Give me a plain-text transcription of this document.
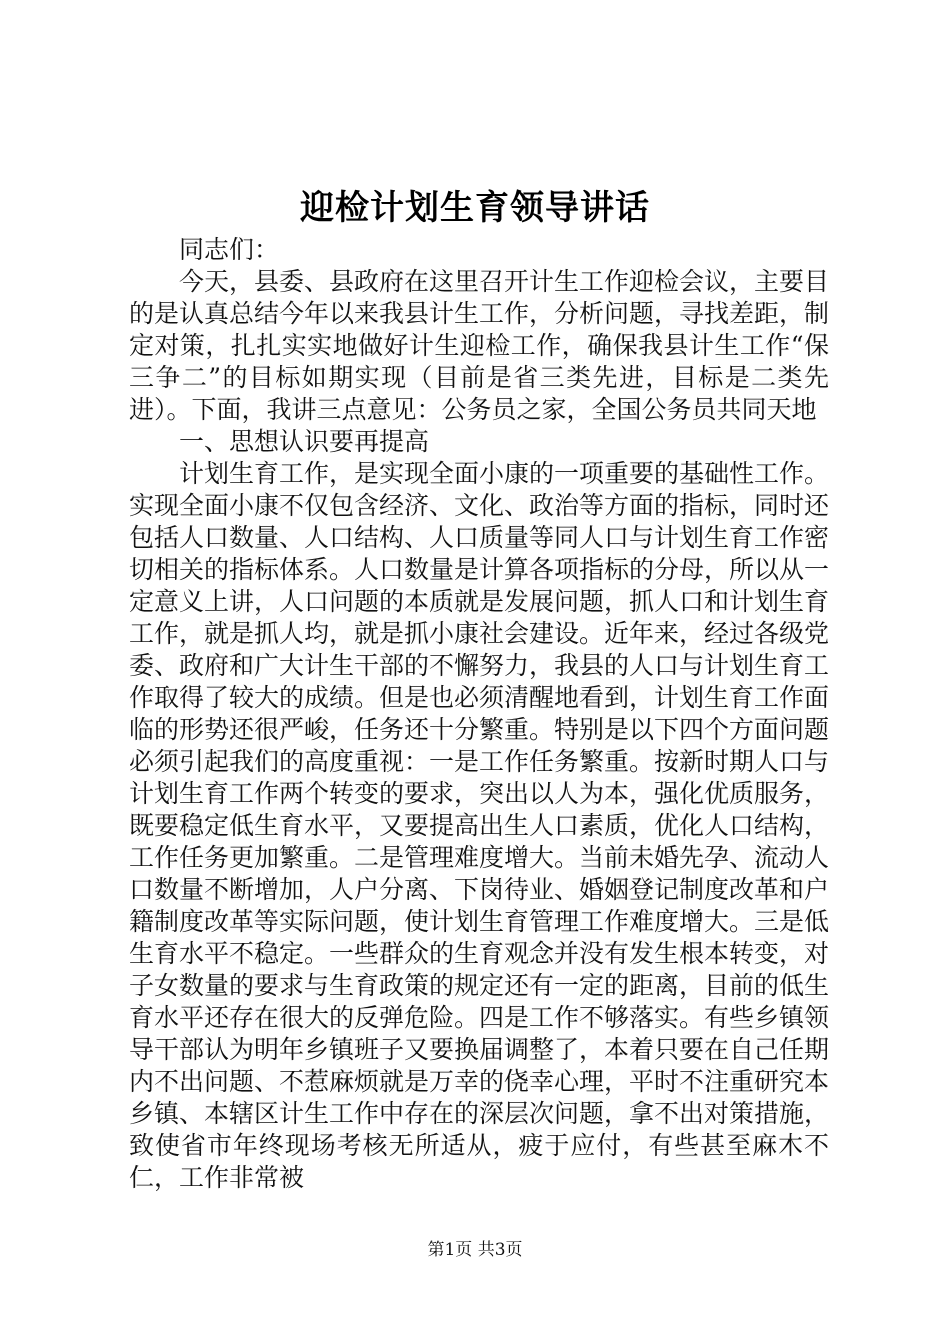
迎检计划生育领导讲话

同志们：

今天，县委、县政府在这里召开计生工作迎检会议，主要目的是认真总结今年以来我县计生工作，分析问题，寻找差距，制定对策，扎扎实实地做好计生迎检工作，确保我县计生工作“保三争二”的目标如期实现（目前是省三类先进，目标是二类先进）。下面，我讲三点意见：公务员之家，全国公务员共同天地

一、思想认识要再提高

计划生育工作，是实现全面小康的一项重要的基础性工作。实现全面小康不仅包含经济、文化、政治等方面的指标，同时还包括人口数量、人口结构、人口质量等同人口与计划生育工作密切相关的指标体系。人口数量是计算各项指标的分母，所以从一定意义上讲，人口问题的本质就是发展问题，抓人口和计划生育工作，就是抓人均，就是抓小康社会建设。近年来，经过各级党委、政府和广大计生干部的不懈努力，我县的人口与计划生育工作取得了较大的成绩。但是也必须清醒地看到，计划生育工作面临的形势还很严峻，任务还十分繁重。特别是以下四个方面问题必须引起我们的高度重视：一是工作任务繁重。按新时期人口与计划生育工作两个转变的要求，突出以人为本，强化优质服务，既要稳定低生育水平，又要提高出生人口素质，优化人口结构，工作任务更加繁重。二是管理难度增大。当前未婚先孕、流动人口数量不断增加，人户分离、下岗待业、婚姻登记制度改革和户籍制度改革等实际问题，使计划生育管理工作难度增大。三是低生育水平不稳定。一些群众的生育观念并没有发生根本转变，对子女数量的要求与生育政策的规定还有一定的距离，目前的低生育水平还存在很大的反弹危险。四是工作不够落实。有些乡镇领导干部认为明年乡镇班子又要换届调整了，本着只要在自己任期内不出问题、不惹麻烦就是万幸的侥幸心理，平时不注重研究本乡镇、本辖区计生工作中存在的深层次问题，拿不出对策措施，致使省市年终现场考核无所适从，疲于应付，有些甚至麻木不仁，工作非常被

第1页 共3页
